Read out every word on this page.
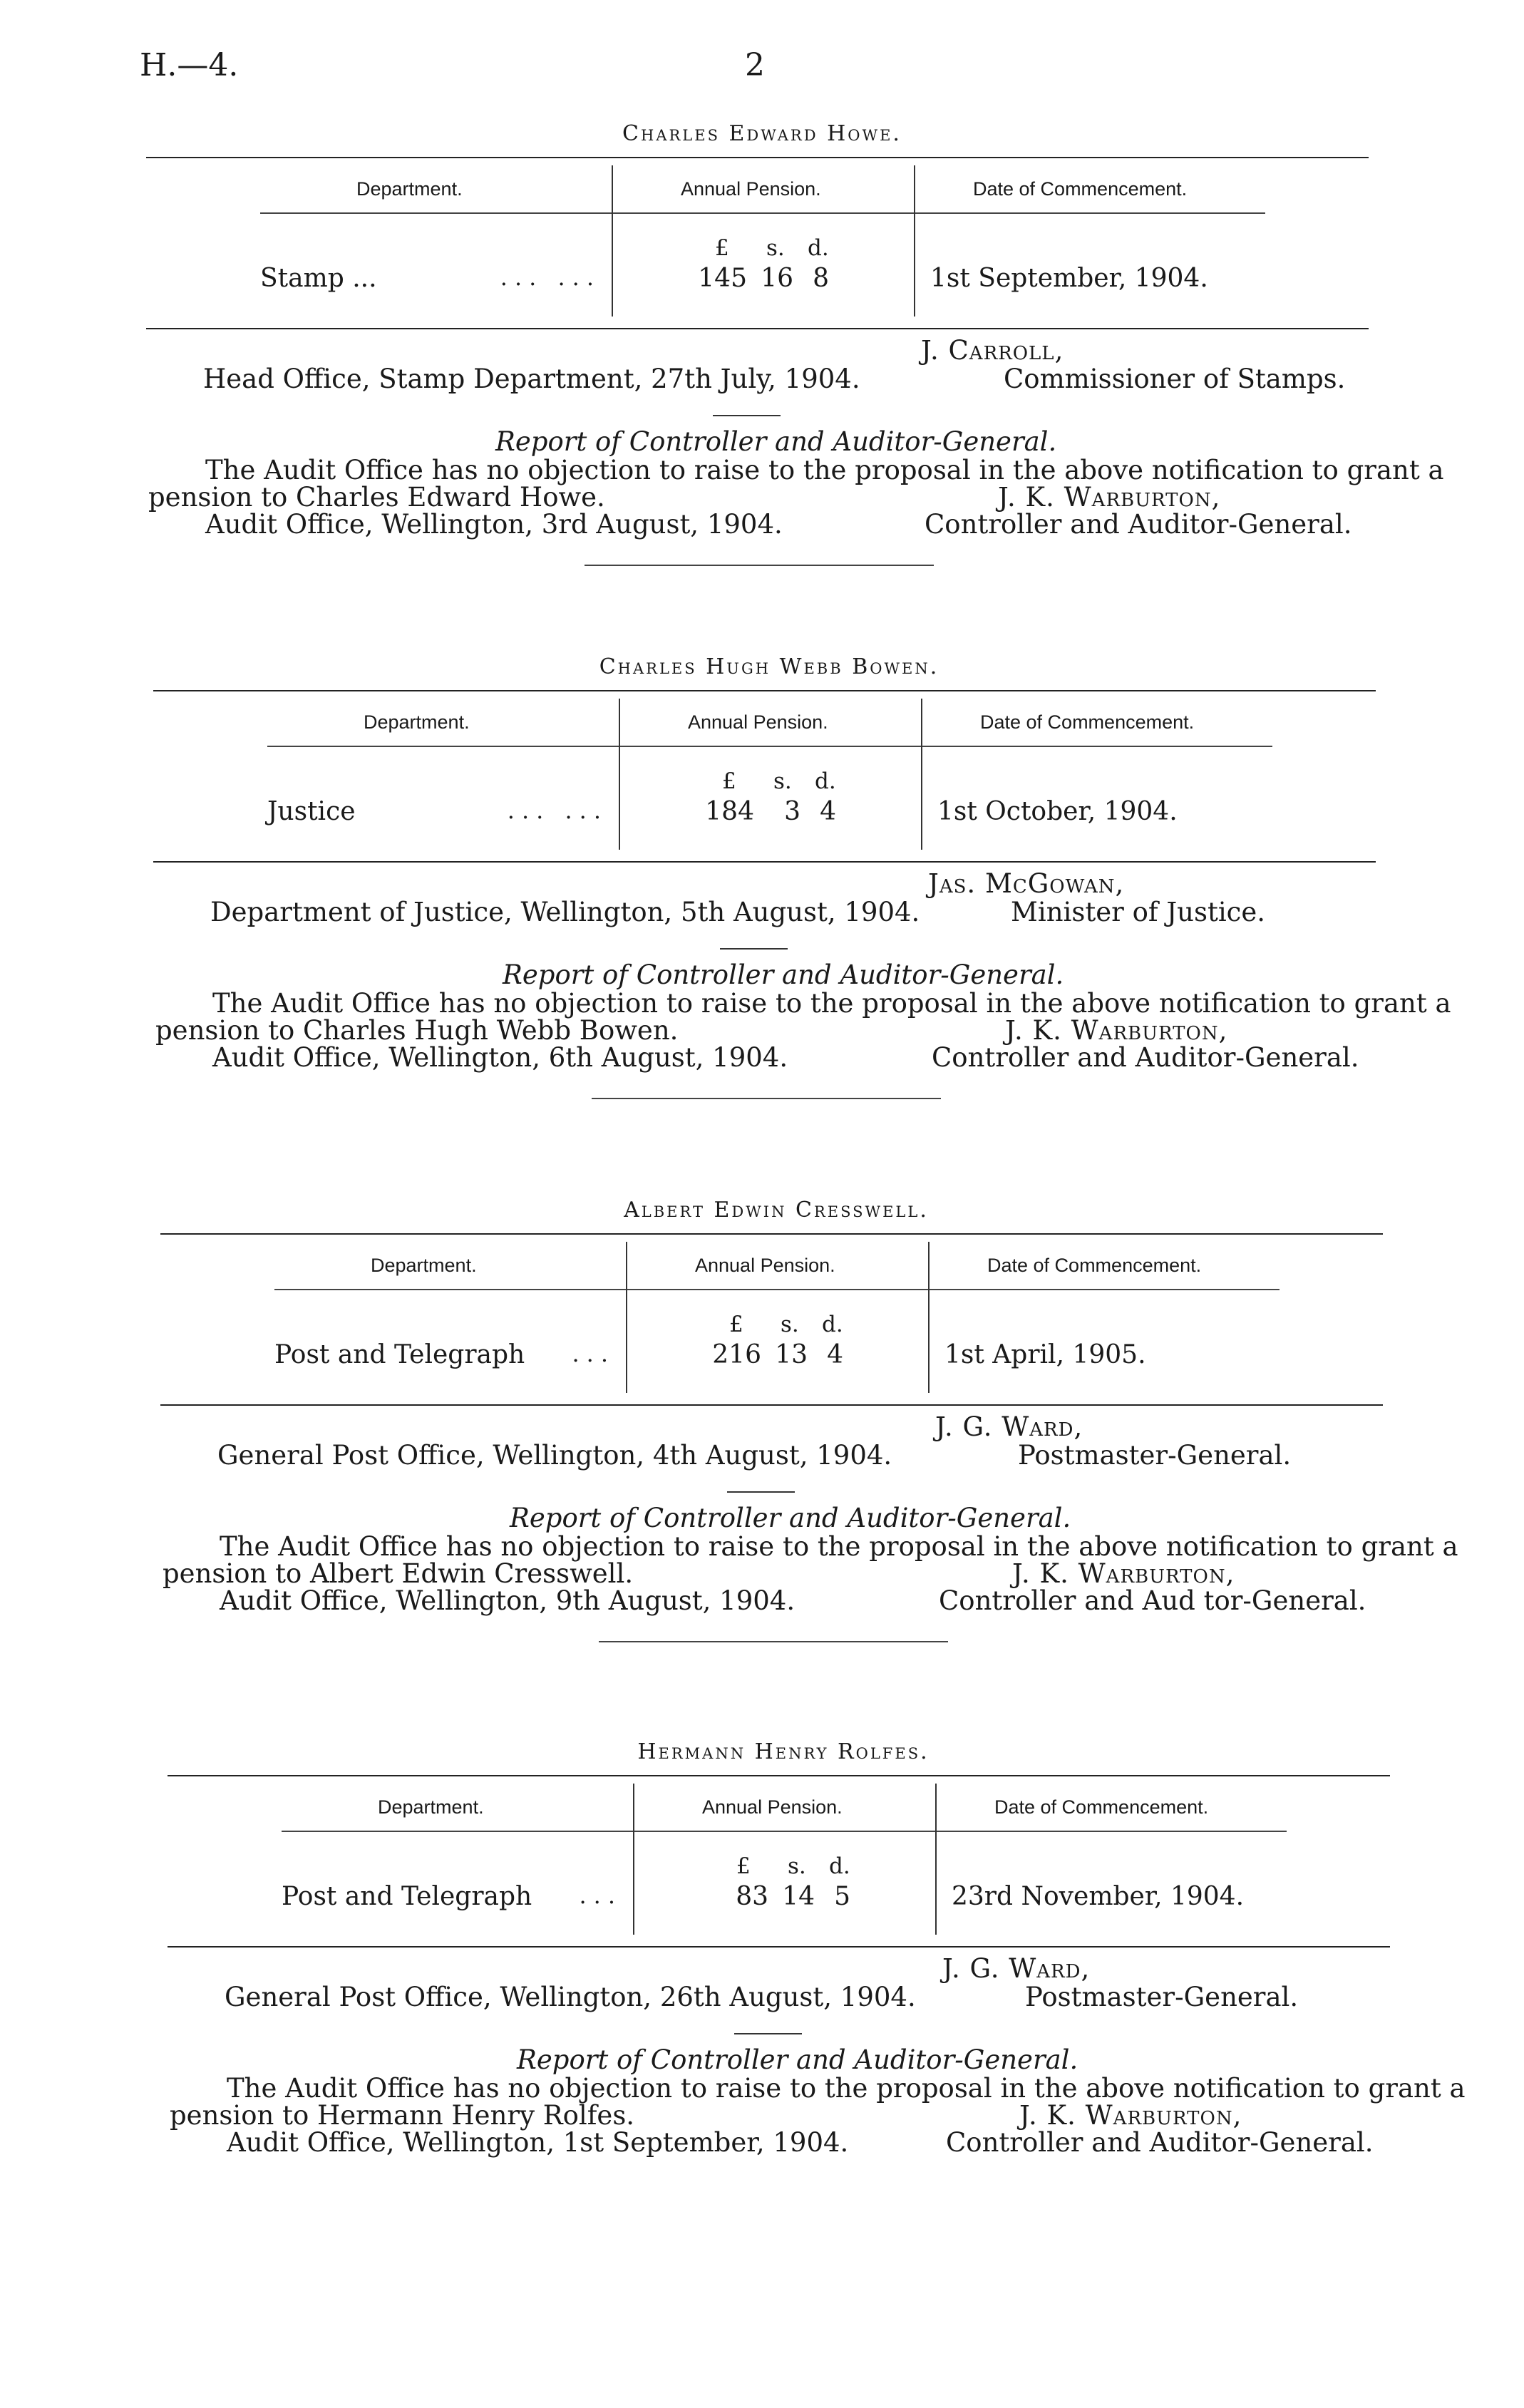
H.—4.	2
Charles Edward Howe.
Department.	Annual Pension.	Date of Commencement.
£ s. d.
Stamp ...	... ...	145 16 8	1st September, 1904.
J. Carroll,
Head Office, Stamp Department, 27th July, 1904.	Commissioner of Stamps.
Report of Controller and Auditor-General.
The Audit Office has no objection to raise to the proposal in the above notification to grant a
pension to Charles Edward Howe.	J. K. Warburton,
Audit Office, Wellington, 3rd August, 1904.	Controller and Auditor-General.
Charles Hugh Webb Bowen.
Department.	Annual Pension.	Date of Commencement.
£ s. d.
Justice	... ...	184 3 4	1st October, 1904.
Jas. McGowan,
Department of Justice, Wellington, 5th August, 1904.	Minister of Justice.
Report of Controller and Auditor-General.
The Audit Office has no objection to raise to the proposal in the above notification to grant a
pension to Charles Hugh Webb Bowen.	J. K. Warburton,
Audit Office, Wellington, 6th August, 1904.	Controller and Auditor-General.
Albert Edwin Cresswell.
Department.	Annual Pension.	Date of Commencement.
£ s. d.
Post and Telegraph ...	216 13 4	1st April, 1905.
J. G. Ward,
General Post Office, Wellington, 4th August, 1904.	Postmaster-General.
Report of Controller and Auditor-General.
The Audit Office has no objection to raise to the proposal in the above notification to grant a
pension to Albert Edwin Cresswell.	J. K. Warburton,
Audit Office, Wellington, 9th August, 1904.	Controller and Aud tor-General.
Hermann Henry Rolfes.
Department.	Annual Pension.	Date of Commencement.
£ s. d.
Post and Telegraph ...	83 14 5	23rd November, 1904.
J. G. Ward,
General Post Office, Wellington, 26th August, 1904.	Postmaster-General.
Report of Controller and Auditor-General.
The Audit Office has no objection to raise to the proposal in the above notification to grant a
pension to Hermann Henry Rolfes.	J. K. Warburton,
Audit Office, Wellington, 1st September, 1904.	Controller and Auditor-General.
